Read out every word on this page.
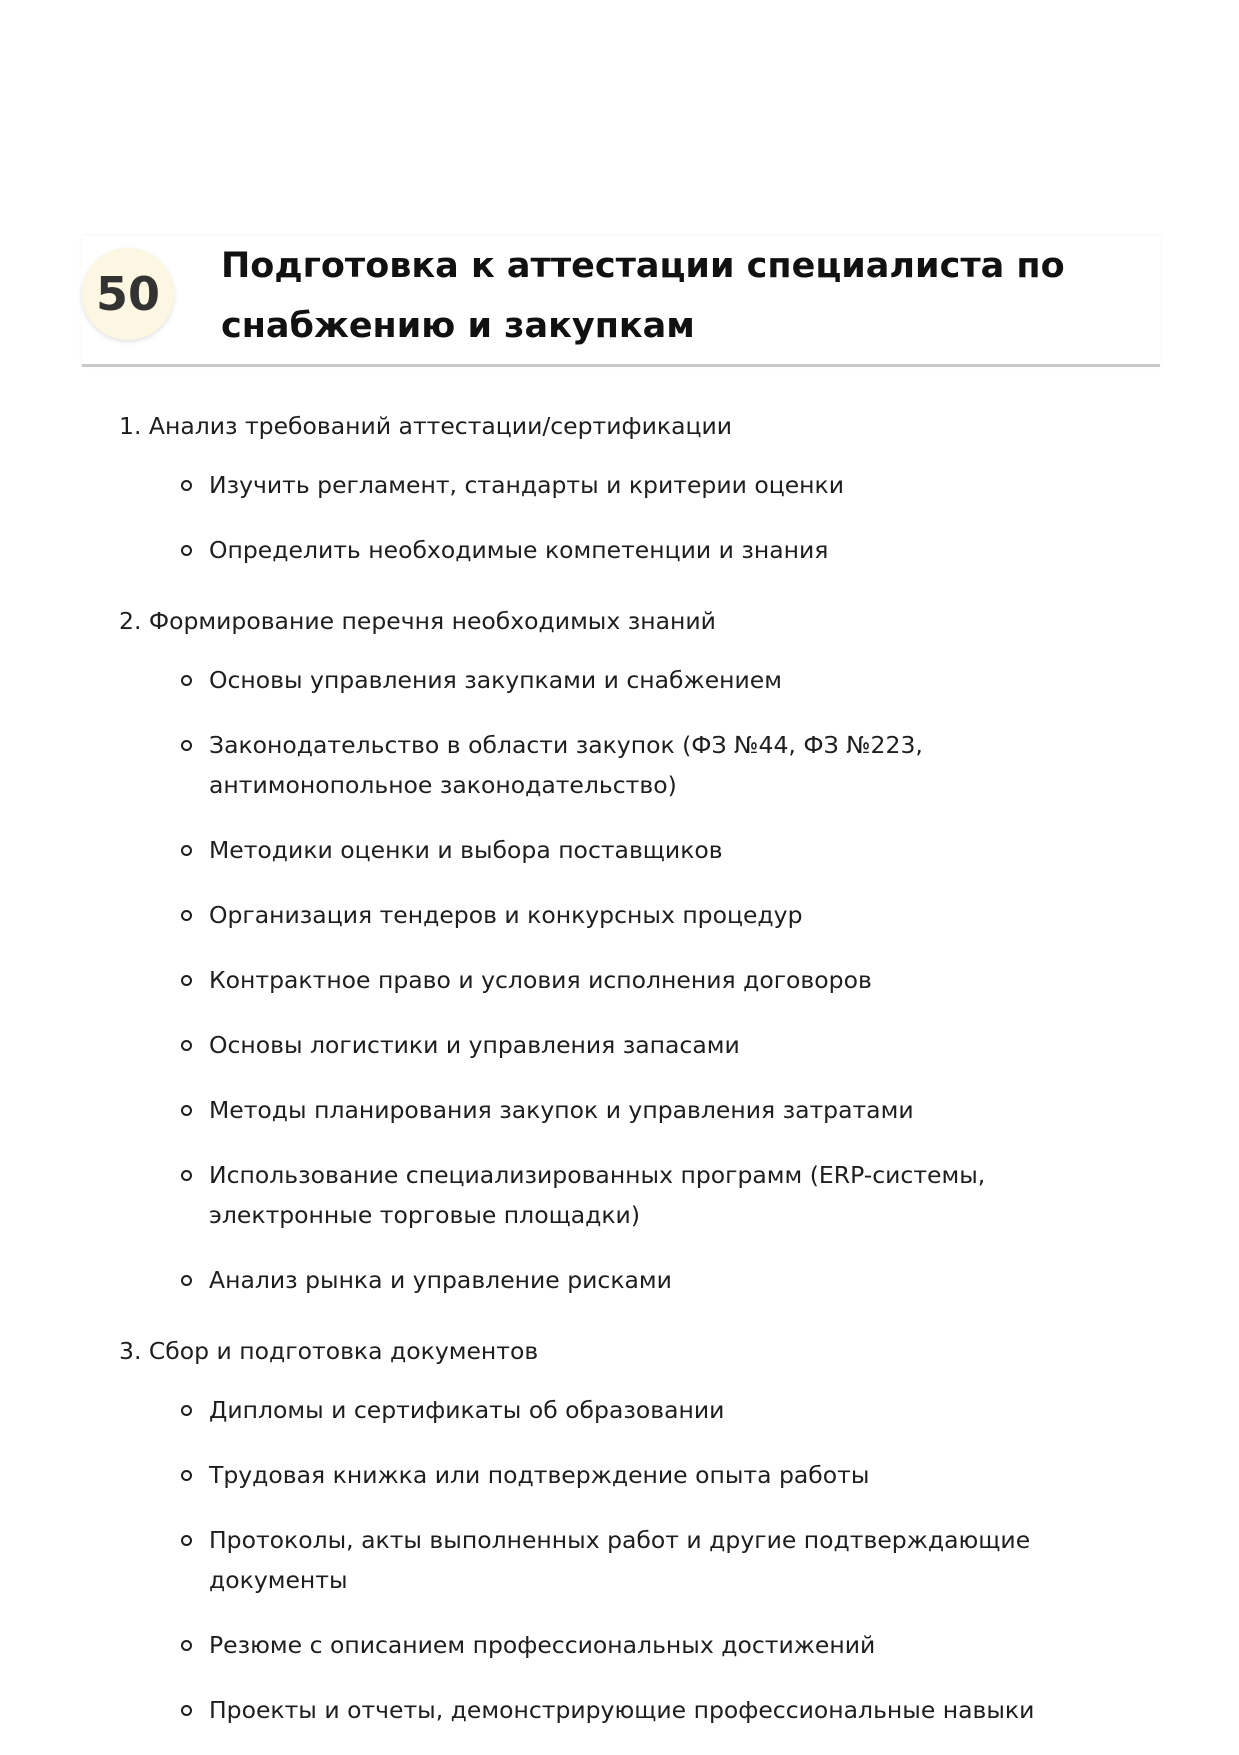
50
Подготовка к аттестации специалиста по снабжению и закупкам
1. Анализ требований аттестации/сертификации
Изучить регламент, стандарты и критерии оценки
Определить необходимые компетенции и знания
2. Формирование перечня необходимых знаний
Основы управления закупками и снабжением
Законодательство в области закупок (ФЗ №44, ФЗ №223, антимонопольное законодательство)
Методики оценки и выбора поставщиков
Организация тендеров и конкурсных процедур
Контрактное право и условия исполнения договоров
Основы логистики и управления запасами
Методы планирования закупок и управления затратами
Использование специализированных программ (ERP-системы, электронные торговые площадки)
Анализ рынка и управление рисками
3. Сбор и подготовка документов
Дипломы и сертификаты об образовании
Трудовая книжка или подтверждение опыта работы
Протоколы, акты выполненных работ и другие подтверждающие документы
Резюме с описанием профессиональных достижений
Проекты и отчеты, демонстрирующие профессиональные навыки
